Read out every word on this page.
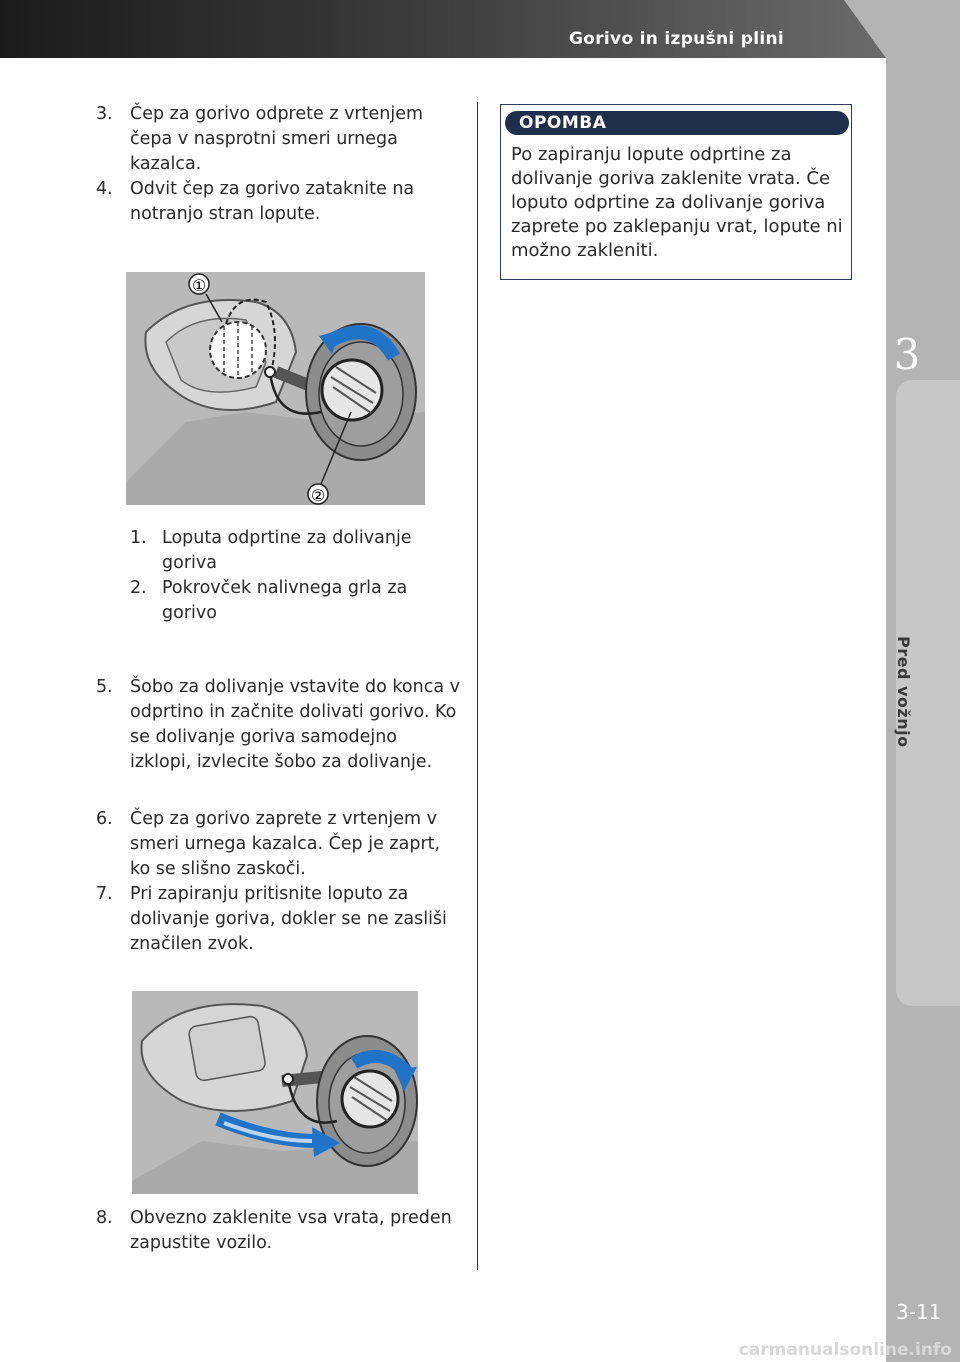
Gorivo in izpušni plini
3
Pred vožnjo
3-11
carmanualsonline.info
3. Čep za gorivo odprete z vrtenjem čepa v nasprotni smeri urnega kazalca.
4. Odvit čep za gorivo zataknite na notranjo stran lopute.
①
②
1. Loputa odprtine za dolivanje goriva
2. Pokrovček nalivnega grla za gorivo
5. Šobo za dolivanje vstavite do konca v odprtino in začnite dolivati gorivo. Ko se dolivanje goriva samodejno izklopi, izvlecite šobo za dolivanje.
6. Čep za gorivo zaprete z vrtenjem v smeri urnega kazalca. Čep je zaprt, ko se slišno zaskoči.
7. Pri zapiranju pritisnite loputo za dolivanje goriva, dokler se ne zasliši značilen zvok.
8. Obvezno zaklenite vsa vrata, preden zapustite vozilo.
OPOMBA
Po zapiranju lopute odprtine za dolivanje goriva zaklenite vrata. Če loputo odprtine za dolivanje goriva zaprete po zaklepanju vrat, lopute ni možno zakleniti.
